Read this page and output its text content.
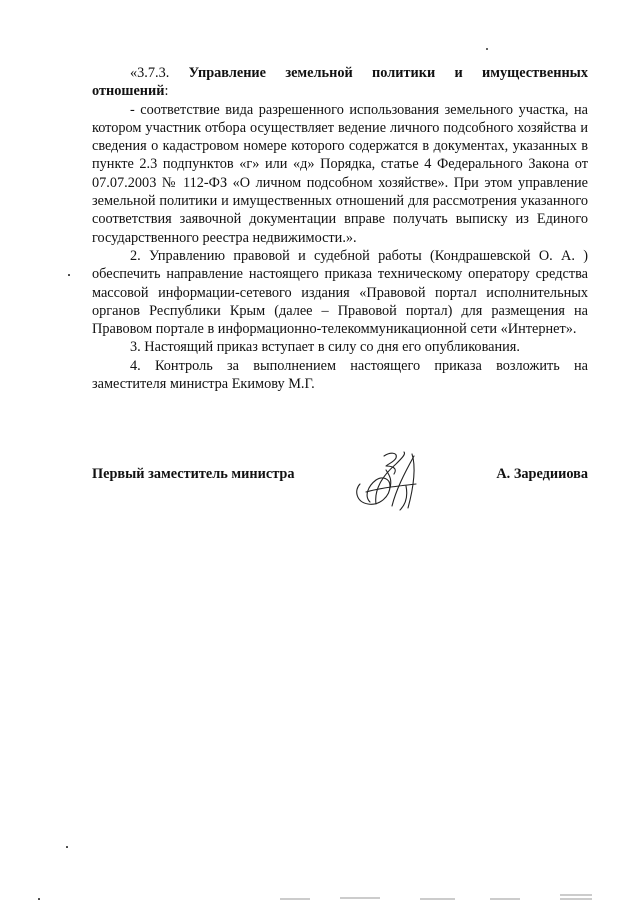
«3.7.3. Управление земельной политики и имущественных отношений:

- соответствие вида разрешенного использования земельного участка, на котором участник отбора осуществляет ведение личного подсобного хозяйства и сведения о кадастровом номере которого содержатся в документах, указанных в пункте 2.3 подпунктов «г» или «д» Порядка, статье 4 Федерального Закона от 07.07.2003 № 112-ФЗ «О личном подсобном хозяйстве». При этом управление земельной политики и имущественных отношений для рассмотрения указанного соответствия заявочной документации вправе получать выписку из Единого государственного реестра недвижимости.».

2. Управлению правовой и судебной работы (Кондрашевской О. А. ) обеспечить направление настоящего приказа техническому оператору средства массовой информации-сетевого издания «Правовой портал исполнительных органов Республики Крым (далее – Правовой портал) для размещения на Правовом портале в информационно-телекоммуникационной сети «Интернет».

3. Настоящий приказ вступает в силу со дня его опубликования.

4. Контроль за выполнением настоящего приказа возложить на заместителя министра Екимову М.Г.

Первый заместитель министра	А. Заредииова
